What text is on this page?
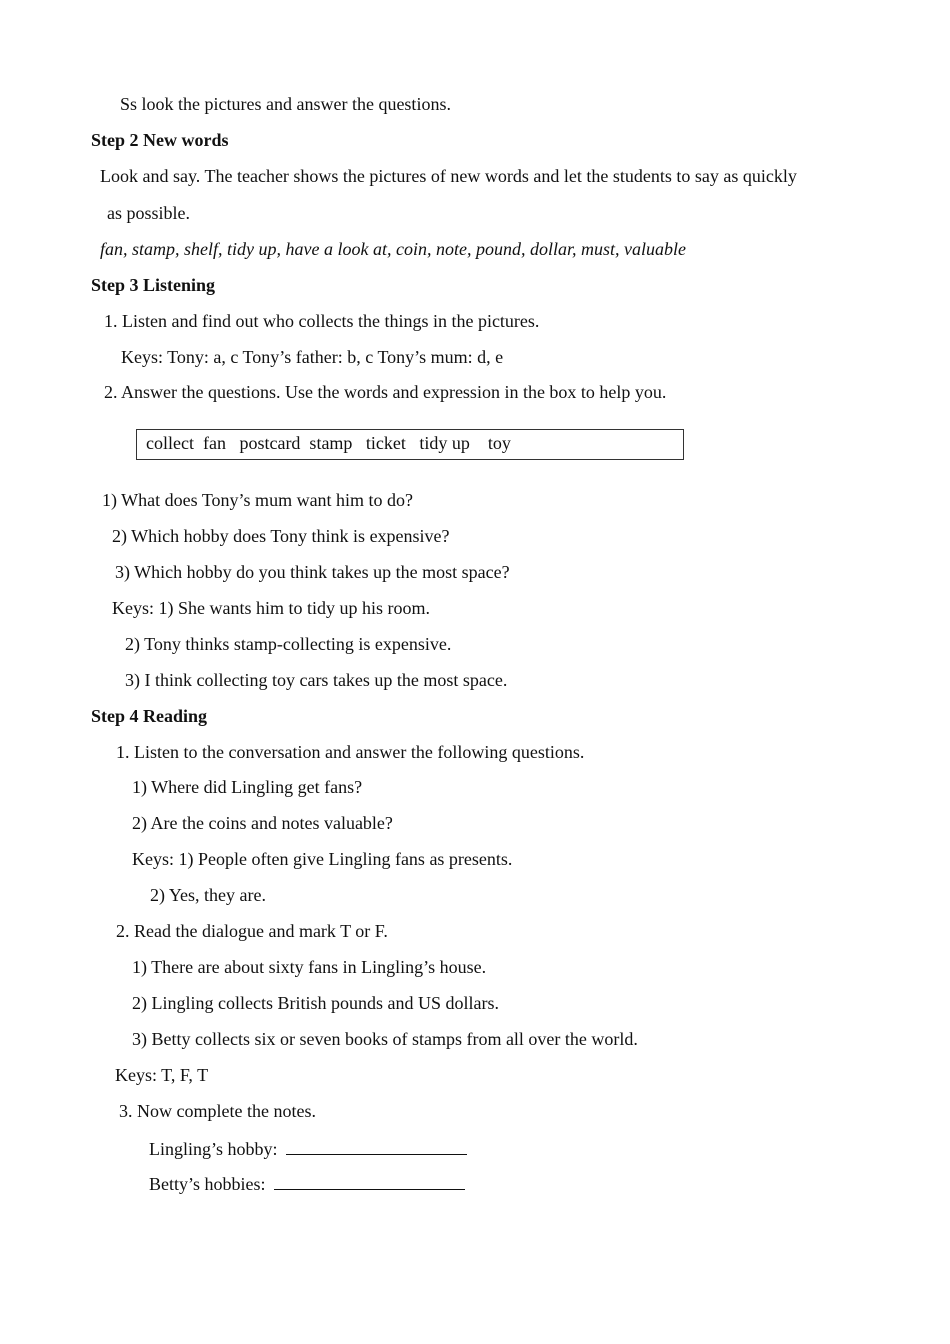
Ss look the pictures and answer the questions.
Step 2 New words
Look and say. The teacher shows the pictures of new words and let the students to say as quickly
as possible.
fan, stamp, shelf, tidy up, have a look at, coin, note, pound, dollar, must, valuable
Step 3 Listening
1. Listen and find out who collects the things in the pictures.
Keys: Tony: a, c Tony’s father: b, c Tony’s mum: d, e
2. Answer the questions. Use the words and expression in the box to help you.
collect  fan   postcard  stamp   ticket   tidy up    toy
1) What does Tony’s mum want him to do?
2) Which hobby does Tony think is expensive?
3) Which hobby do you think takes up the most space?
Keys: 1) She wants him to tidy up his room.
2) Tony thinks stamp-collecting is expensive.
3) I think collecting toy cars takes up the most space.
Step 4 Reading
1. Listen to the conversation and answer the following questions.
1) Where did Lingling get fans?
2) Are the coins and notes valuable?
Keys: 1) People often give Lingling fans as presents.
2) Yes, they are.
2. Read the dialogue and mark T or F.
1) There are about sixty fans in Lingling’s house.
2) Lingling collects British pounds and US dollars.
3) Betty collects six or seven books of stamps from all over the world.
Keys: T, F, T
3. Now complete the notes.
Lingling’s hobby:
Betty’s hobbies:
